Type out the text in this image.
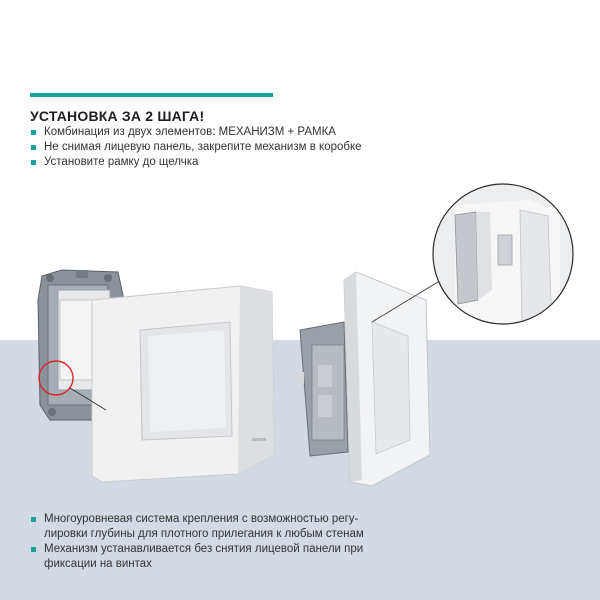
УСТАНОВКА ЗА 2 ШАГА!
Комбинация из двух элементов: МЕХАНИЗМ + РАМКА
Не снимая лицевую панель, закрепите механизм в коробке
Установите рамку до щелчка
Многоуровневая система крепления с возможностью регу-
лировки глубины для плотного прилегания к любым стенам
Механизм устанавливается без снятия лицевой панели при
фиксации на винтах
